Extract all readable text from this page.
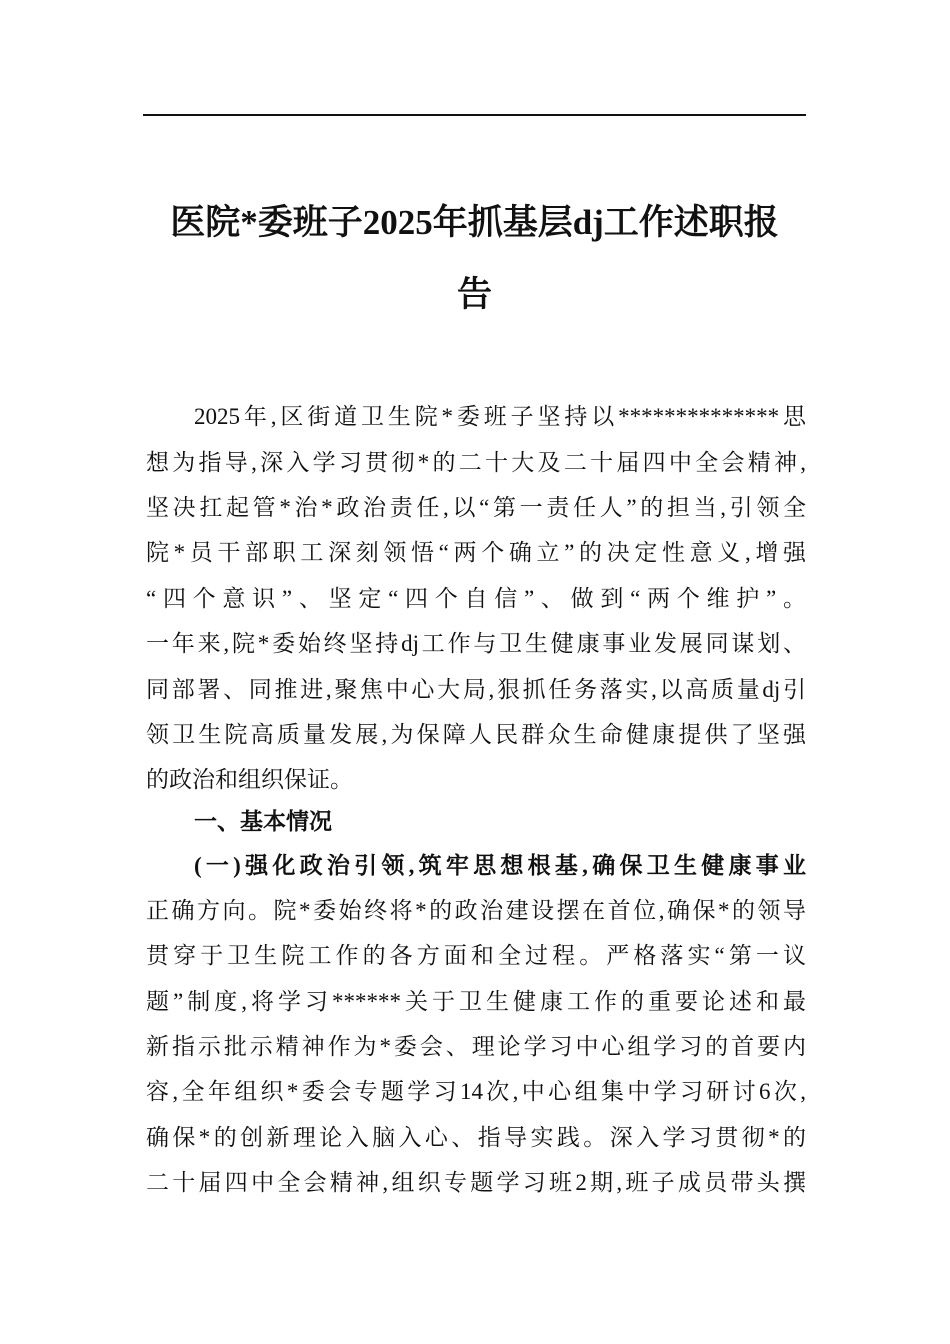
医院*委班子2025年抓基层dj工作述职报
告
2025年,区街道卫生院*委班子坚持以**************思
想为指导,深入学习贯彻*的二十大及二十届四中全会精神,
坚决扛起管*治*政治责任,以“第一责任人”的担当,引领全
院*员干部职工深刻领悟“两个确立”的决定性意义,增强
“四个意识”、坚定“四个自信”、做到“两个维护”。
一年来,院*委始终坚持dj工作与卫生健康事业发展同谋划、
同部署、同推进,聚焦中心大局,狠抓任务落实,以高质量dj引
领卫生院高质量发展,为保障人民群众生命健康提供了坚强
的政治和组织保证。
一、基本情况
(一)强化政治引领,筑牢思想根基,确保卫生健康事业
正确方向。院*委始终将*的政治建设摆在首位,确保*的领导
贯穿于卫生院工作的各方面和全过程。严格落实“第一议
题”制度,将学习******关于卫生健康工作的重要论述和最
新指示批示精神作为*委会、理论学习中心组学习的首要内
容,全年组织*委会专题学习14次,中心组集中学习研讨6次,
确保*的创新理论入脑入心、指导实践。深入学习贯彻*的
二十届四中全会精神,组织专题学习班2期,班子成员带头撰
